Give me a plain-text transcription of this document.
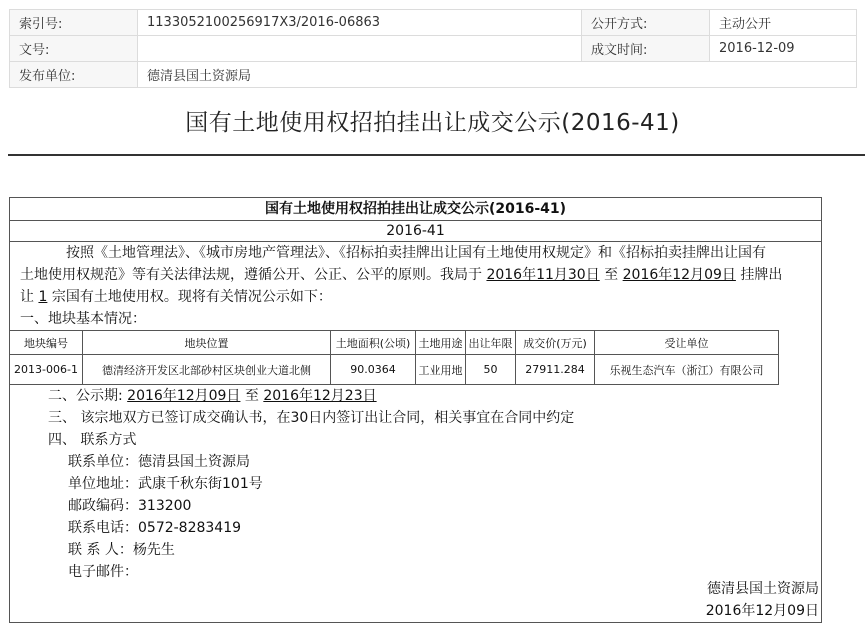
索引号:	1133052100256917X3/2016-06863	公开方式:	主动公开
文号:		成文时间:	2016-12-09
发布单位:	德清县国土资源局		
国有土地使用权招拍挂出让成交公示(2016-41)
国有土地使用权招拍挂出让成交公示(2016-41)
2016-41
按照《土地管理法》、《城市房地产管理法》、《招标拍卖挂牌出让国有土地使用权规定》和《招标拍卖挂牌出让国有
土地使用权规范》等有关法律法规，遵循公开、公正、公平的原则。我局于 2016年11月30日 至 2016年12月09日 挂牌出
让 1 宗国有土地使用权。现将有关情况公示如下：
一、地块基本情况：
地块编号	地块位置	土地面积(公顷)	土地用途	出让年限	成交价(万元)	受让单位
2013-006-1	德清经济开发区北部砂村区块创业大道北侧	90.0364	工业用地	50	27911.284	乐视生态汽车（浙江）有限公司
二、公示期: 2016年12月09日 至 2016年12月23日
三、 该宗地双方已签订成交确认书，在30日内签订出让合同，相关事宜在合同中约定
四、 联系方式
联系单位：德清县国土资源局
单位地址：武康千秋东街101号
邮政编码：313200
联系电话：0572-8283419
联 系 人：杨先生
电子邮件：
德清县国土资源局
2016年12月09日
